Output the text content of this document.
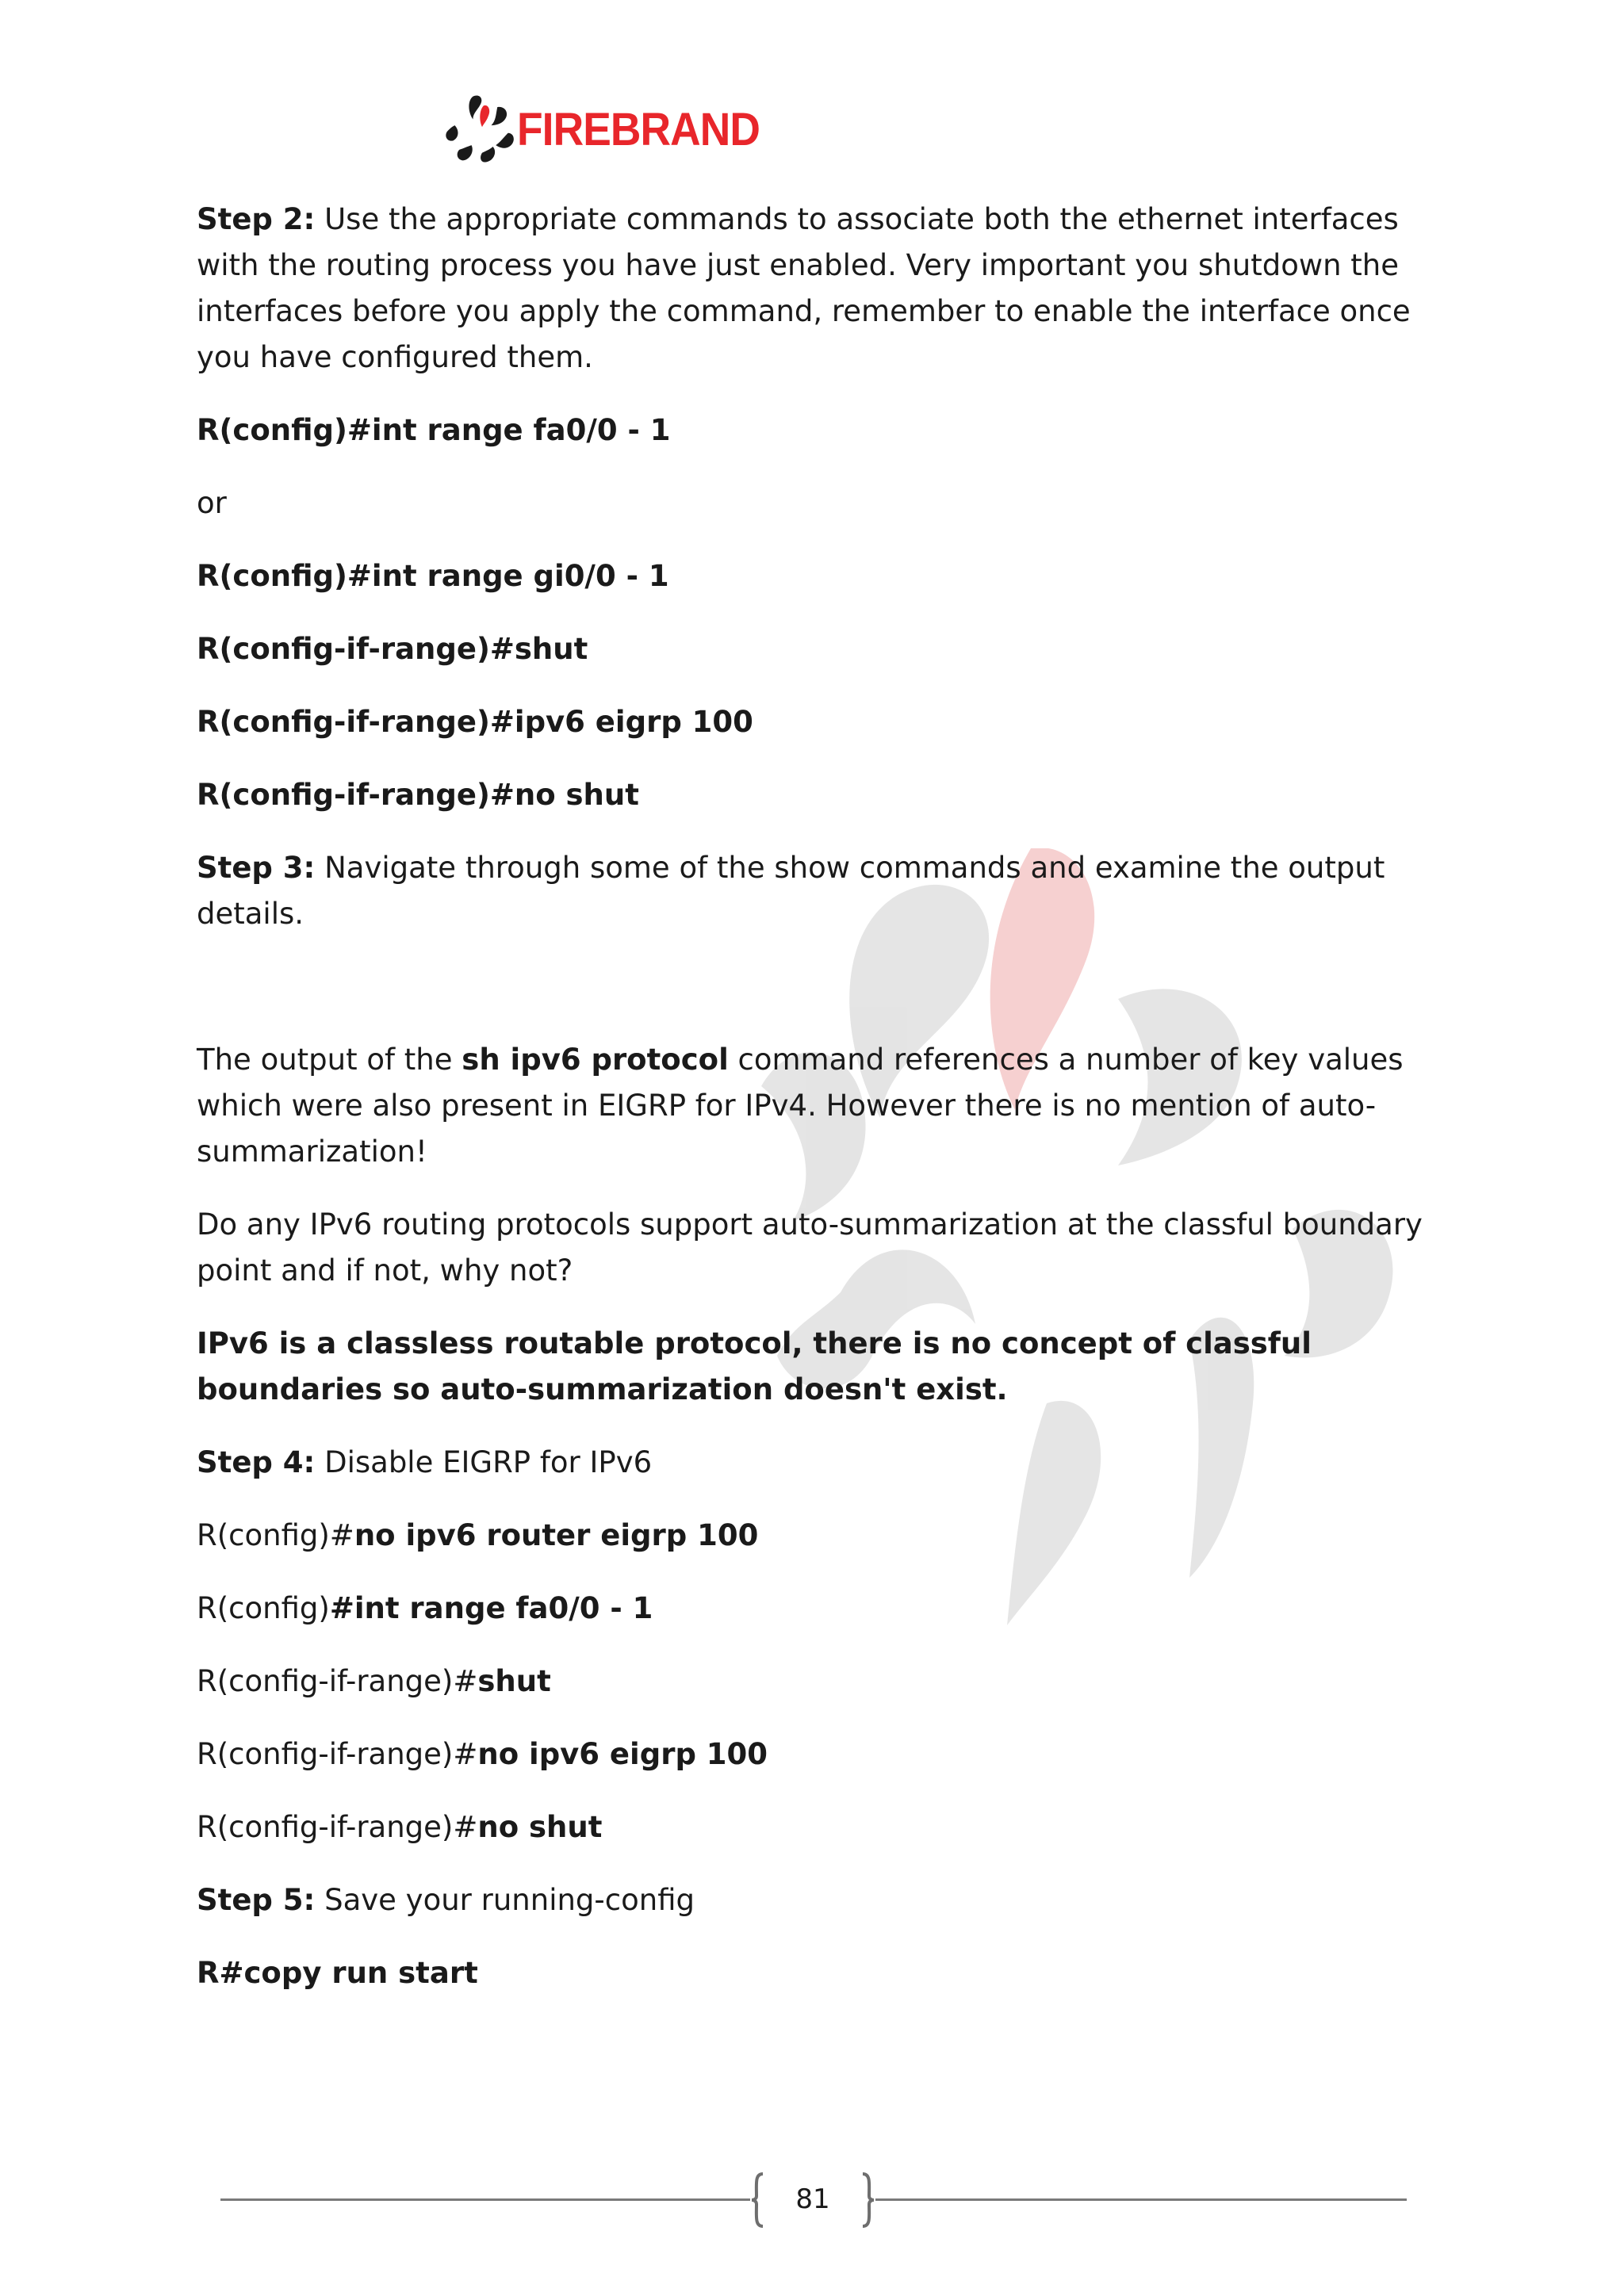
FIREBRAND

Step 2: Use the appropriate commands to associate both the ethernet interfaces with the routing process you have just enabled. Very important you shutdown the interfaces before you apply the command, remember to enable the interface once you have configured them.

R(config)#int range fa0/0 - 1

or

R(config)#int range gi0/0 - 1

R(config-if-range)#shut

R(config-if-range)#ipv6 eigrp 100

R(config-if-range)#no shut

Step 3: Navigate through some of the show commands and examine the output details.

The output of the sh ipv6 protocol command references a number of key values which were also present in EIGRP for IPv4. However there is no mention of auto-summarization!

Do any IPv6 routing protocols support auto-summarization at the classful boundary point and if not, why not?

IPv6 is a classless routable protocol, there is no concept of classful boundaries so auto-summarization doesn't exist.

Step 4: Disable EIGRP for IPv6

R(config)#no ipv6 router eigrp 100

R(config)#int range fa0/0 - 1

R(config-if-range)#shut

R(config-if-range)#no ipv6 eigrp 100

R(config-if-range)#no shut

Step 5: Save your running-config

R#copy run start

81
